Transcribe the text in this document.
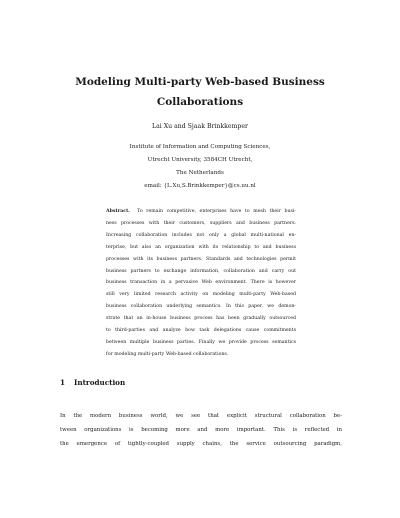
Modeling Multi-party Web-based Business
Collaborations
Lai Xu and Sjaak Brinkkemper
Institute of Information and Computing Sciences,
Utrecht University, 3584CH Utrecht,
The Netherlands
email: {L.Xu,S.Brinkkemper}@cs.uu.nl
Abstract. To remain competitive, enterprises have to mesh their busi-
ness processes with their customers, suppliers and business partners.
Increasing collaboration includes not only a global multi-national en-
terprise, but also an organization with its relationship to and business
processes with its business partners. Standards and technologies permit
business partners to exchange information, collaboration and carry out
business transaction in a pervasive Web environment. There is however
still very limited research activity on modeling multi-party Web-based
business collaboration underlying semantics. In this paper, we demon-
strate that an in-house business process has been gradually outsourced
to third-parties and analyze how task delegations cause commitments
between multiple business parties. Finally we provide process semantics
for modeling multi-party Web-based collaborations.
1 Introduction
In the modern business world, we see that explicit structural collaboration be-
tween organizations is becoming more and more important. This is reflected in
the emergence of tightly-coupled supply chains, the service outsourcing paradigm,
